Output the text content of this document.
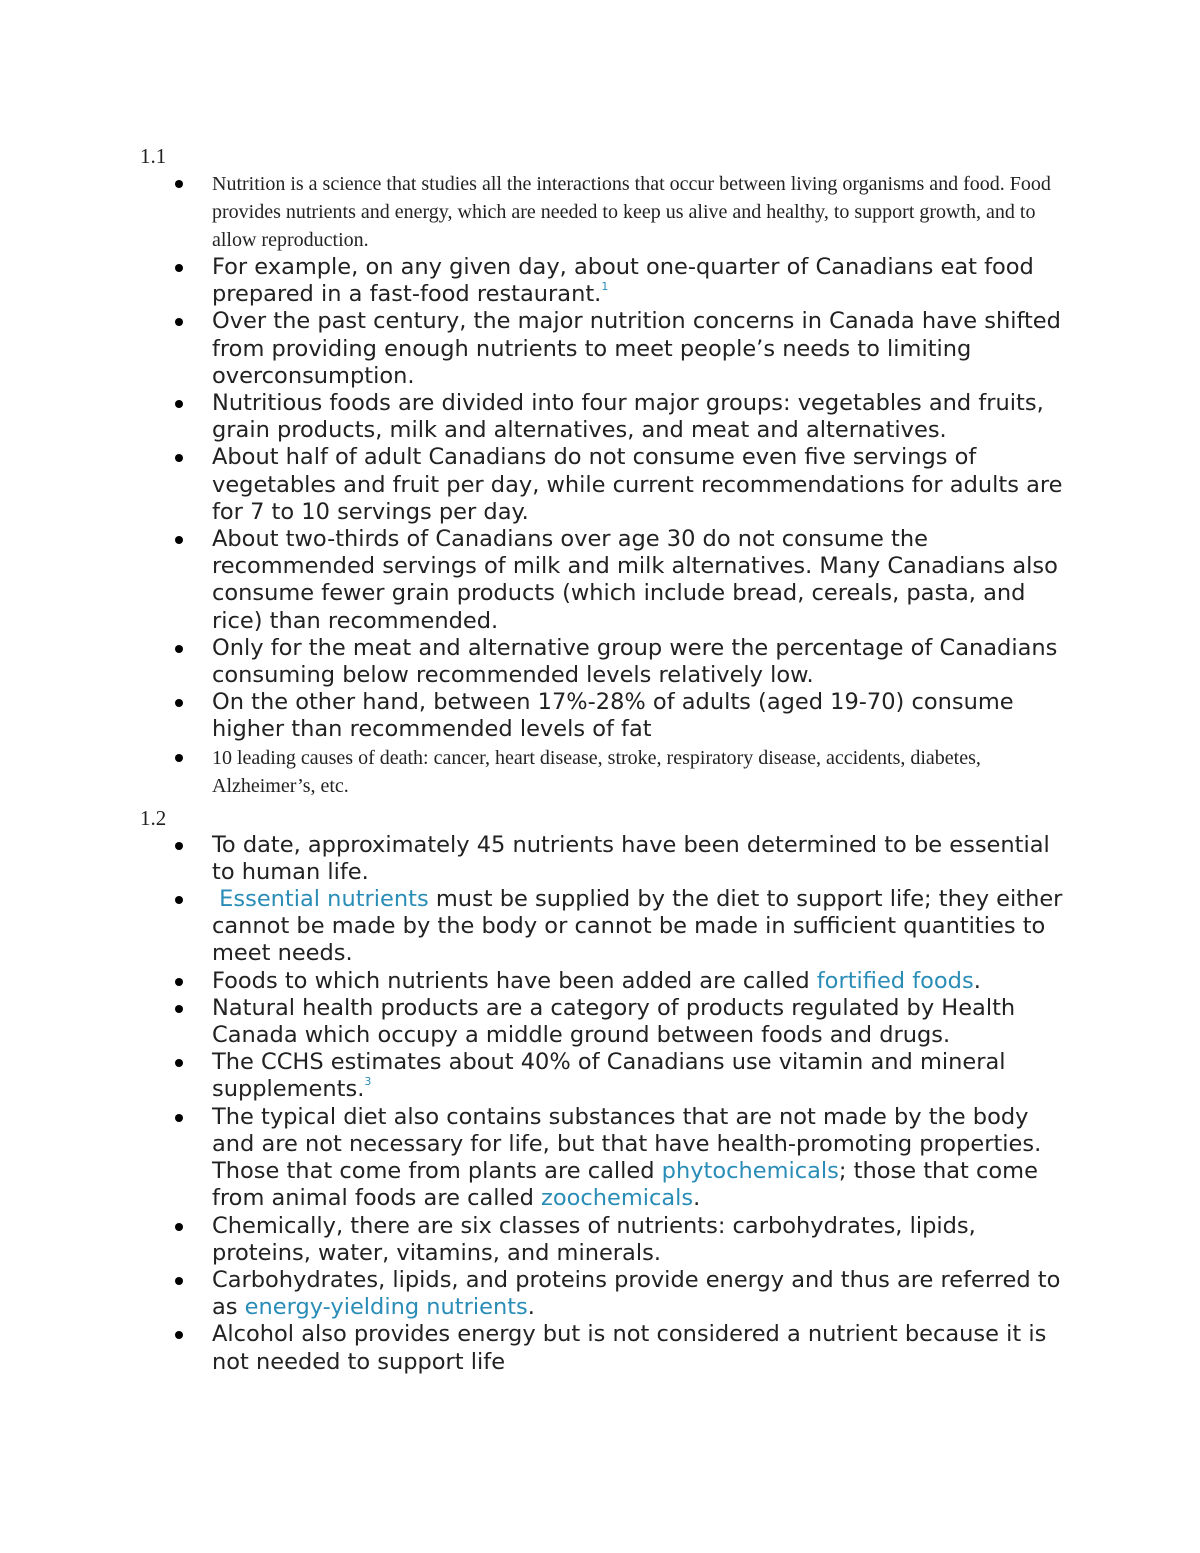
1.1
Nutrition is a science that studies all the interactions that occur between living organisms and food. Food provides nutrients and energy, which are needed to keep us alive and healthy, to support growth, and to allow reproduction.
For example, on any given day, about one-quarter of Canadians eat food prepared in a fast-food restaurant.$^1$
Over the past century, the major nutrition concerns in Canada have shifted from providing enough nutrients to meet people’s needs to limiting overconsumption.
Nutritious foods are divided into four major groups: vegetables and fruits, grain products, milk and alternatives, and meat and alternatives.
About half of adult Canadians do not consume even five servings of vegetables and fruit per day, while current recommendations for adults are for 7 to 10 servings per day.
About two-thirds of Canadians over age 30 do not consume the recommended servings of milk and milk alternatives. Many Canadians also consume fewer grain products (which include bread, cereals, pasta, and rice) than recommended.
Only for the meat and alternative group were the percentage of Canadians consuming below recommended levels relatively low.
On the other hand, between 17%-28% of adults (aged 19-70) consume higher than recommended levels of fat
10 leading causes of death: cancer, heart disease, stroke, respiratory disease, accidents, diabetes, Alzheimer’s, etc.
1.2
To date, approximately 45 nutrients have been determined to be essential to human life.
Essential nutrients must be supplied by the diet to support life; they either cannot be made by the body or cannot be made in sufficient quantities to meet needs.
Foods to which nutrients have been added are called fortified foods.
Natural health products are a category of products regulated by Health Canada which occupy a middle ground between foods and drugs.
The CCHS estimates about 40% of Canadians use vitamin and mineral supplements.$^3$
The typical diet also contains substances that are not made by the body and are not necessary for life, but that have health-promoting properties. Those that come from plants are called phytochemicals; those that come from animal foods are called zoochemicals.
Chemically, there are six classes of nutrients: carbohydrates, lipids, proteins, water, vitamins, and minerals.
Carbohydrates, lipids, and proteins provide energy and thus are referred to as energy-yielding nutrients.
Alcohol also provides energy but is not considered a nutrient because it is not needed to support life
